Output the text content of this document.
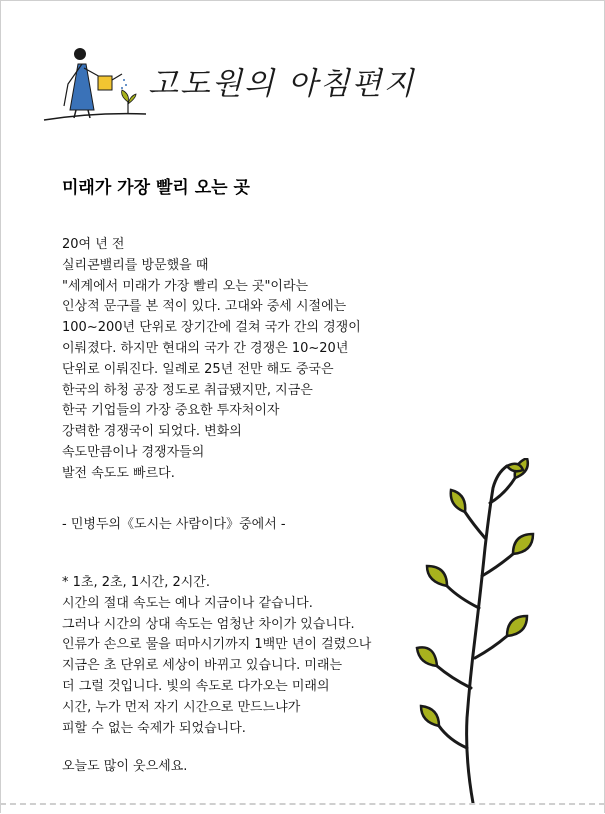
고도원의 아침편지
미래가 가장 빨리 오는 곳
20여 년 전
실리콘밸리를 방문했을 때
"세계에서 미래가 가장 빨리 오는 곳"이라는
인상적 문구를 본 적이 있다. 고대와 중세 시절에는
100~200년 단위로 장기간에 걸쳐 국가 간의 경쟁이
이뤄졌다. 하지만 현대의 국가 간 경쟁은 10~20년
단위로 이뤄진다. 일례로 25년 전만 해도 중국은
한국의 하청 공장 정도로 취급됐지만, 지금은
한국 기업들의 가장 중요한 투자처이자
강력한 경쟁국이 되었다. 변화의
속도만큼이나 경쟁자들의
발전 속도도 빠르다.
- 민병두의《도시는 사람이다》중에서 -
* 1초, 2초, 1시간, 2시간.
시간의 절대 속도는 예나 지금이나 같습니다.
그러나 시간의 상대 속도는 엄청난 차이가 있습니다.
인류가 손으로 물을 떠마시기까지 1백만 년이 걸렸으나
지금은 초 단위로 세상이 바뀌고 있습니다. 미래는
더 그럴 것입니다. 빛의 속도로 다가오는 미래의
시간, 누가 먼저 자기 시간으로 만드느냐가
피할 수 없는 숙제가 되었습니다.
오늘도 많이 웃으세요.
